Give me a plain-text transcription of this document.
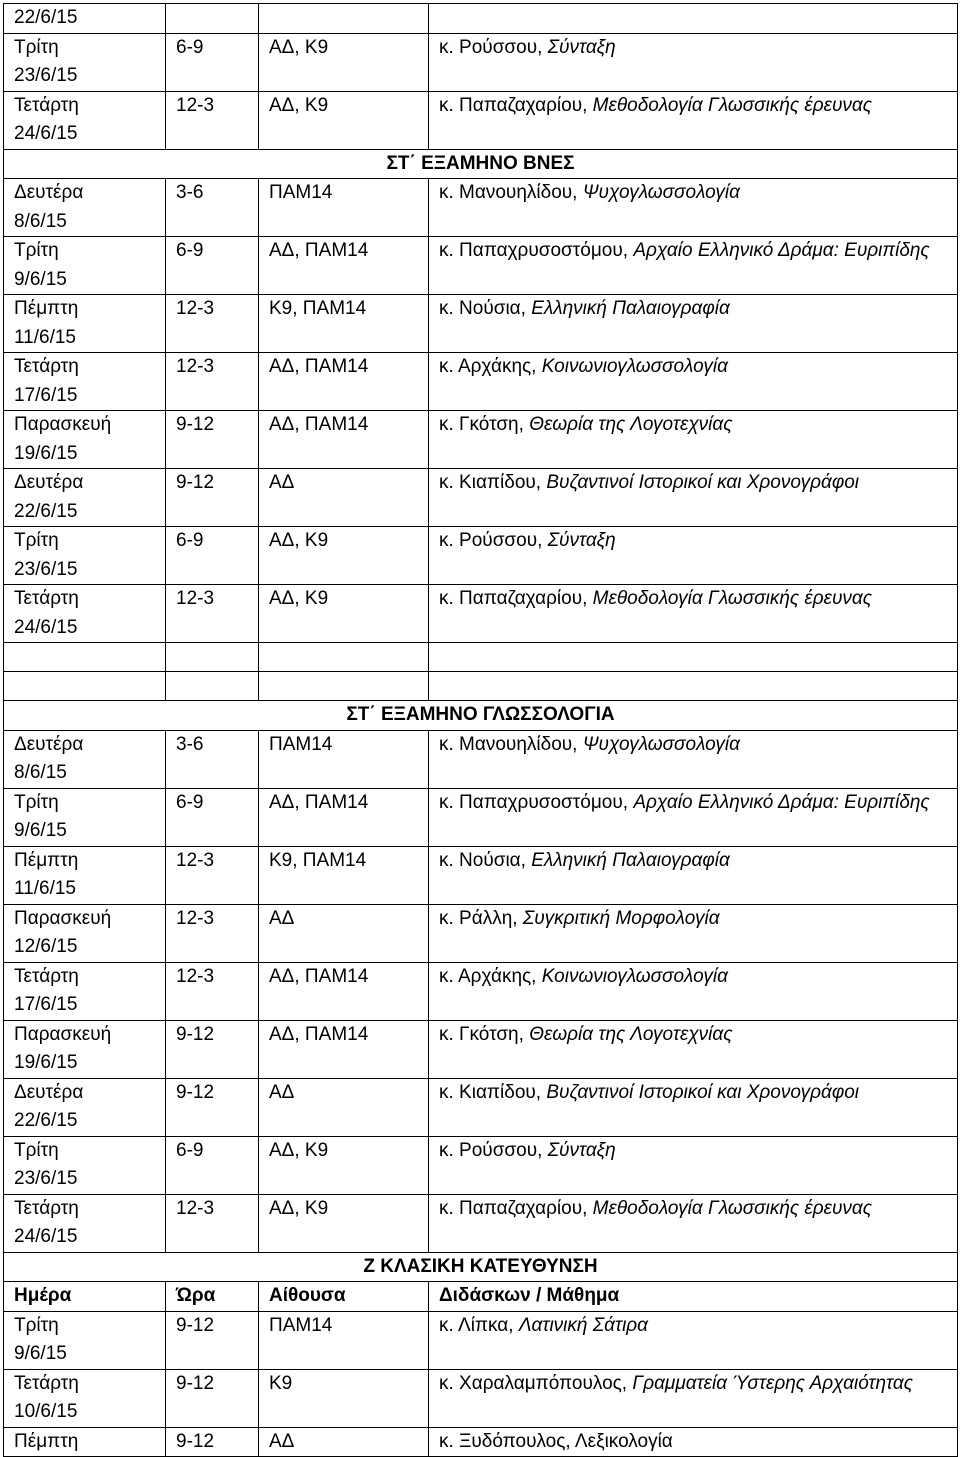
22/6/15			
Τρίτη
23/6/15	6-9	ΑΔ, Κ9	κ. Ρούσσου, Σύνταξη
Τετάρτη
24/6/15	12-3	ΑΔ, Κ9	κ. Παπαζαχαρίου, Μεθοδολογία Γλωσσικής έρευνας
ΣΤ΄ ΕΞΑΜΗΝΟ ΒΝΕΣ			
Δευτέρα
8/6/15	3-6	ΠΑΜ14	κ. Μανουηλίδου, Ψυχογλωσσολογία
Τρίτη
9/6/15	6-9	ΑΔ, ΠΑΜ14	κ. Παπαχρυσοστόμου, Αρχαίο Ελληνικό Δράμα: Ευριπίδης
Πέμπτη
11/6/15	12-3	Κ9, ΠΑΜ14	κ. Νούσια, Ελληνική Παλαιογραφία
Τετάρτη
17/6/15	12-3	ΑΔ, ΠΑΜ14	κ. Αρχάκης, Κοινωνιογλωσσολογία
Παρασκευή
19/6/15	9-12	ΑΔ, ΠΑΜ14	κ. Γκότση, Θεωρία της Λογοτεχνίας
Δευτέρα
22/6/15	9-12	ΑΔ	κ. Κιαπίδου, Βυζαντινοί Ιστορικοί και Χρονογράφοι
Τρίτη
23/6/15	6-9	ΑΔ, Κ9	κ. Ρούσσου, Σύνταξη
Τετάρτη
24/6/15	12-3	ΑΔ, Κ9	κ. Παπαζαχαρίου, Μεθοδολογία Γλωσσικής έρευνας

ΣΤ΄ ΕΞΑΜΗΝΟ ΓΛΩΣΣΟΛΟΓΙΑ			
Δευτέρα
8/6/15	3-6	ΠΑΜ14	κ. Μανουηλίδου, Ψυχογλωσσολογία
Τρίτη
9/6/15	6-9	ΑΔ, ΠΑΜ14	κ. Παπαχρυσοστόμου, Αρχαίο Ελληνικό Δράμα: Ευριπίδης
Πέμπτη
11/6/15	12-3	Κ9, ΠΑΜ14	κ. Νούσια, Ελληνική Παλαιογραφία
Παρασκευή
12/6/15	12-3	ΑΔ	κ. Ράλλη, Συγκριτική Μορφολογία
Τετάρτη
17/6/15	12-3	ΑΔ, ΠΑΜ14	κ. Αρχάκης, Κοινωνιογλωσσολογία
Παρασκευή
19/6/15	9-12	ΑΔ, ΠΑΜ14	κ. Γκότση, Θεωρία της Λογοτεχνίας
Δευτέρα
22/6/15	9-12	ΑΔ	κ. Κιαπίδου, Βυζαντινοί Ιστορικοί και Χρονογράφοι
Τρίτη
23/6/15	6-9	ΑΔ, Κ9	κ. Ρούσσου, Σύνταξη
Τετάρτη
24/6/15	12-3	ΑΔ, Κ9	κ. Παπαζαχαρίου, Μεθοδολογία Γλωσσικής έρευνας
Ζ ΚΛΑΣΙΚΗ ΚΑΤΕΥΘΥΝΣΗ			
Ημέρα	Ώρα	Αίθουσα	Διδάσκων / Μάθημα
Τρίτη
9/6/15	9-12	ΠΑΜ14	κ. Λίπκα, Λατινική Σάτιρα
Τετάρτη
10/6/15	9-12	Κ9	κ. Χαραλαμπόπουλος, Γραμματεία Ύστερης Αρχαιότητας
Πέμπτη	9-12	ΑΔ	κ. Ξυδόπουλος, Λεξικολογία
